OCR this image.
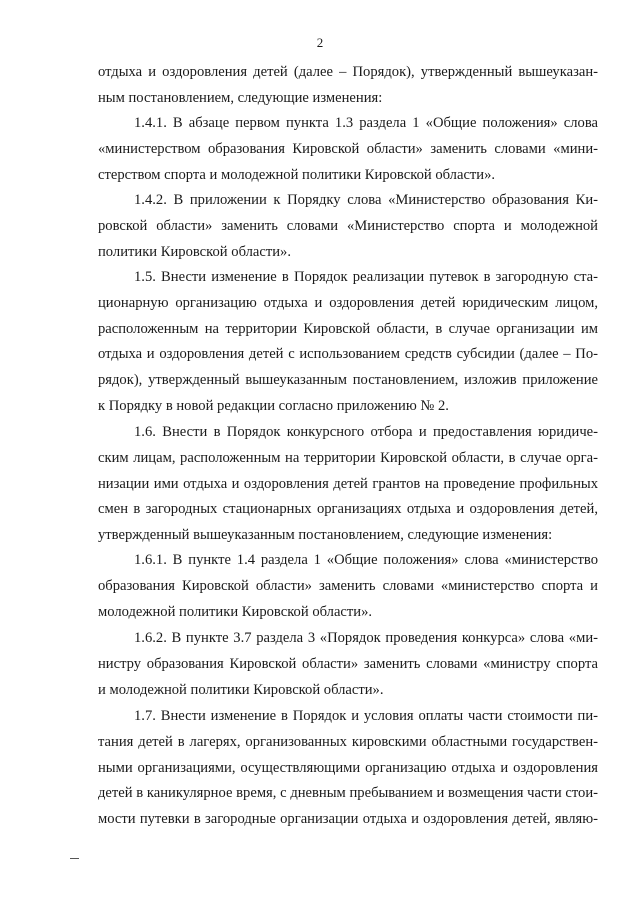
2
отдыха и оздоровления детей (далее – Порядок), утвержденный вышеуказан-
ным постановлением, следующие изменения:
1.4.1. В абзаце первом пункта 1.3 раздела 1 «Общие положения» слова
«министерством образования Кировской области» заменить словами «мини-
стерством спорта и молодежной политики Кировской области».
1.4.2. В приложении к Порядку слова «Министерство образования Ки-
ровской области» заменить словами «Министерство спорта и молодежной
политики Кировской области».
1.5. Внести изменение в Порядок реализации путевок в загородную ста-
ционарную организацию отдыха и оздоровления детей юридическим лицом,
расположенным на территории Кировской области, в случае организации им
отдыха и оздоровления детей с использованием средств субсидии (далее – По-
рядок), утвержденный вышеуказанным постановлением, изложив приложение
к Порядку в новой редакции согласно приложению № 2.
1.6. Внести в Порядок конкурсного отбора и предоставления юридиче-
ским лицам, расположенным на территории Кировской области, в случае орга-
низации ими отдыха и оздоровления детей грантов на проведение профильных
смен в загородных стационарных организациях отдыха и оздоровления детей,
утвержденный вышеуказанным постановлением, следующие изменения:
1.6.1. В пункте 1.4 раздела 1 «Общие положения» слова «министерство
образования Кировской области» заменить словами «министерство спорта и
молодежной политики Кировской области».
1.6.2. В пункте 3.7 раздела 3 «Порядок проведения конкурса» слова «ми-
нистру образования Кировской области» заменить словами «министру спорта
и молодежной политики Кировской области».
1.7. Внести изменение в Порядок и условия оплаты части стоимости пи-
тания детей в лагерях, организованных кировскими областными государствен-
ными организациями, осуществляющими организацию отдыха и оздоровления
детей в каникулярное время, с дневным пребыванием и возмещения части стои-
мости путевки в загородные организации отдыха и оздоровления детей, являю-
